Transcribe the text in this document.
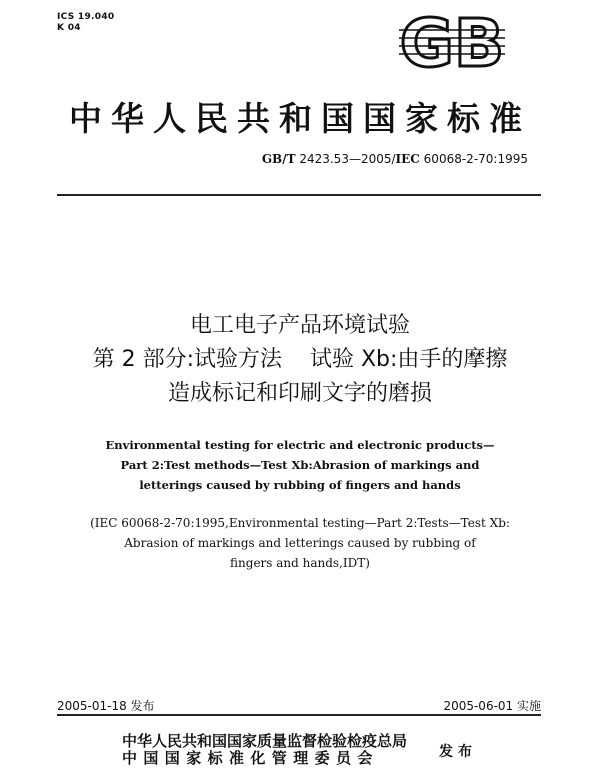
ICS 19.040
K 04	GB
中华人民共和国国家标准
GB/T 2423.53—2005/IEC 60068-2-70:1995
电工电子产品环境试验
第 2 部分:试验方法    试验 Xb:由手的摩擦
造成标记和印刷文字的磨损
Environmental testing for electric and electronic products—
Part 2:Test methods—Test Xb:Abrasion of markings and
letterings caused by rubbing of fingers and hands
(IEC 60068-2-70:1995,Environmental testing—Part 2:Tests—Test Xb:
Abrasion of markings and letterings caused by rubbing of
fingers and hands,IDT)
2005-01-18 发布	2005-06-01 实施
中华人民共和国国家质量监督检验检疫总局
中国国家标准化管理委员会	发布
